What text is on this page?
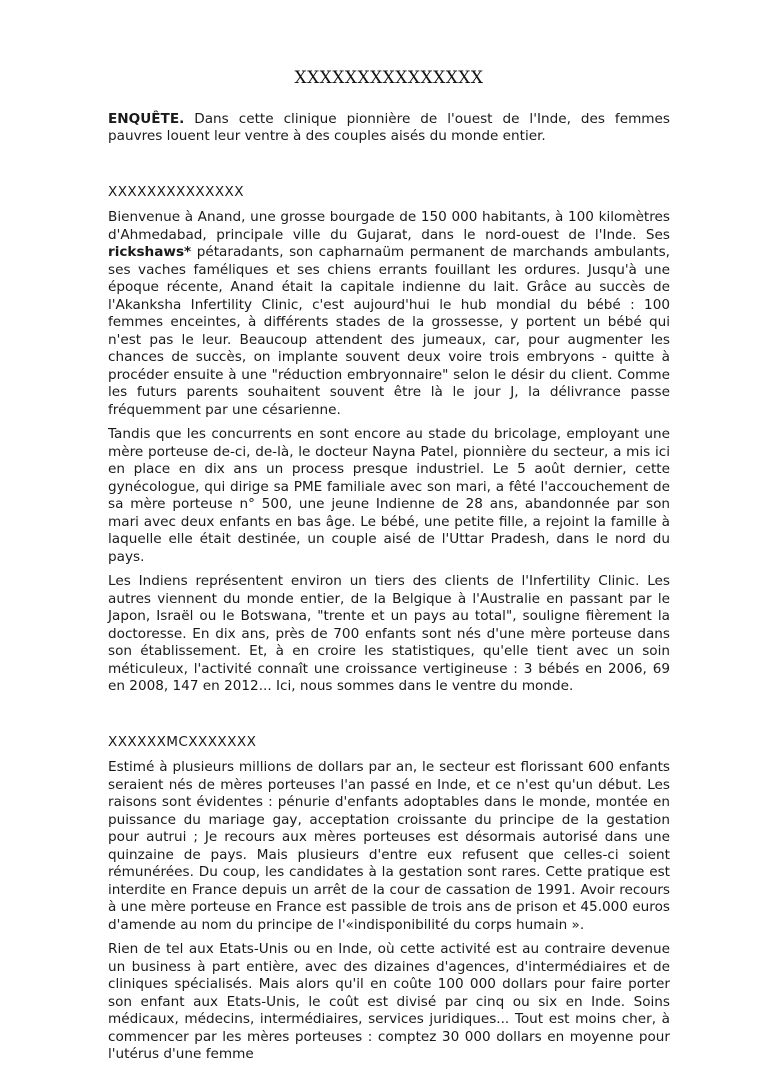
XXXXXXXXXXXXXXX

ENQUÊTE. Dans cette clinique pionnière de l'ouest de l'Inde, des femmes pauvres louent leur ventre à des couples aisés du monde entier.

XXXXXXXXXXXXXX

Bienvenue à Anand, une grosse bourgade de 150 000 habitants, à 100 kilomètres d'Ahmedabad, principale ville du Gujarat, dans le nord-ouest de l'Inde. Ses rickshaws* pétaradants, son capharnaüm permanent de marchands ambulants, ses vaches faméliques et ses chiens errants fouillant les ordures. Jusqu'à une époque récente, Anand était la capitale indienne du lait. Grâce au succès de l'Akanksha Infertility Clinic, c'est aujourd'hui le hub mondial du bébé : 100 femmes enceintes, à différents stades de la grossesse, y portent un bébé qui n'est pas le leur. Beaucoup attendent des jumeaux, car, pour augmenter les chances de succès, on implante souvent deux voire trois embryons - quitte à procéder ensuite à une "réduction embryonnaire" selon le désir du client. Comme les futurs parents souhaitent souvent être là le jour J, la délivrance passe fréquemment par une césarienne.

Tandis que les concurrents en sont encore au stade du bricolage, employant une mère porteuse de-ci, de-là, le docteur Nayna Patel, pionnière du secteur, a mis ici en place en dix ans un process presque industriel. Le 5 août dernier, cette gynécologue, qui dirige sa PME familiale avec son mari, a fêté l'accouchement de sa mère porteuse n° 500, une jeune Indienne de 28 ans, abandonnée par son mari avec deux enfants en bas âge. Le bébé, une petite fille, a rejoint la famille à laquelle elle était destinée, un couple aisé de l'Uttar Pradesh, dans le nord du pays.

Les Indiens représentent environ un tiers des clients de l'Infertility Clinic. Les autres viennent du monde entier, de la Belgique à l'Australie en passant par le Japon, Israël ou le Botswana, "trente et un pays au total", souligne fièrement la doctoresse. En dix ans, près de 700 enfants sont nés d'une mère porteuse dans son établissement. Et, à en croire les statistiques, qu'elle tient avec un soin méticuleux, l'activité connaît une croissance vertigineuse : 3 bébés en 2006, 69 en 2008, 147 en 2012... Ici, nous sommes dans le ventre du monde.

XXXXXXMCXXXXXXX

Estimé à plusieurs millions de dollars par an, le secteur est florissant 600 enfants seraient nés de mères porteuses l'an passé en Inde, et ce n'est qu'un début. Les raisons sont évidentes : pénurie d'enfants adoptables dans le monde, montée en puissance du mariage gay, acceptation croissante du principe de la gestation pour autrui ; Je recours aux mères porteuses est désormais autorisé dans une quinzaine de pays. Mais plusieurs d'entre eux refusent que celles-ci soient rémunérées. Du coup, les candidates à la gestation sont rares. Cette pratique est interdite en France depuis un arrêt de la cour de cassation de 1991. Avoir recours à une mère porteuse en France est passible de trois ans de prison et 45.000 euros d'amende au nom du principe de l'«indisponibilité du corps humain ».

Rien de tel aux Etats-Unis ou en Inde, où cette activité est au contraire devenue un business à part entière, avec des dizaines d'agences, d'intermédiaires et de cliniques spécialisés. Mais alors qu'il en coûte 100 000 dollars pour faire porter son enfant aux Etats-Unis, le coût est divisé par cinq ou six en Inde. Soins médicaux, médecins, intermédiaires, services juridiques... Tout est moins cher, à commencer par les mères porteuses : comptez 30 000 dollars en moyenne pour l'utérus d'une femme
